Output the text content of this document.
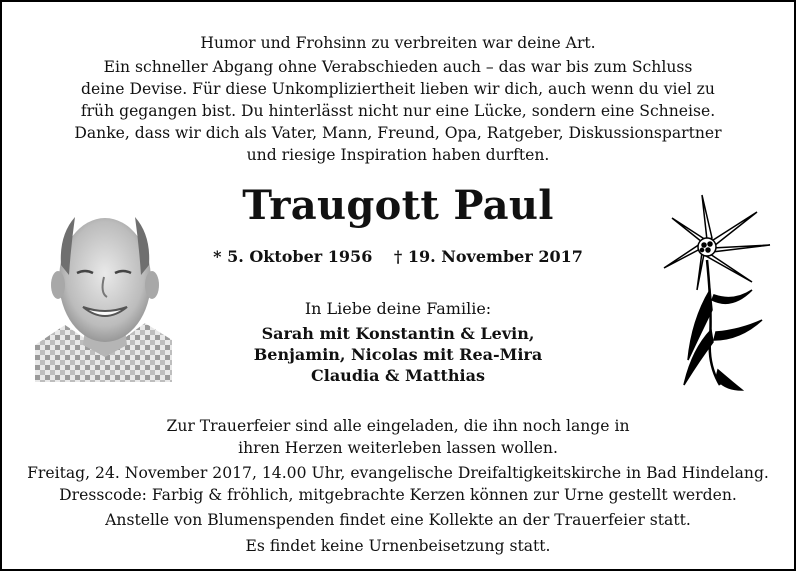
Humor und Frohsinn zu verbreiten war deine Art.
Ein schneller Abgang ohne Verabschieden auch – das war bis zum Schluss
deine Devise. Für diese Unkompliziertheit lieben wir dich, auch wenn du viel zu
früh gegangen bist. Du hinterlässt nicht nur eine Lücke, sondern eine Schneise.
Danke, dass wir dich als Vater, Mann, Freund, Opa, Ratgeber, Diskussionspartner
und riesige Inspiration haben durften.
Traugott Paul
* 5. Oktober 1956 † 19. November 2017
In Liebe deine Familie:
Sarah mit Konstantin & Levin,
Benjamin, Nicolas mit Rea-Mira
Claudia & Matthias
Zur Trauerfeier sind alle eingeladen, die ihn noch lange in
ihren Herzen weiterleben lassen wollen.
Freitag, 24. November 2017, 14.00 Uhr, evangelische Dreifaltigkeitskirche in Bad Hindelang.
Dresscode: Farbig & fröhlich, mitgebrachte Kerzen können zur Urne gestellt werden.
Anstelle von Blumenspenden findet eine Kollekte an der Trauerfeier statt.
Es findet keine Urnenbeisetzung statt.
